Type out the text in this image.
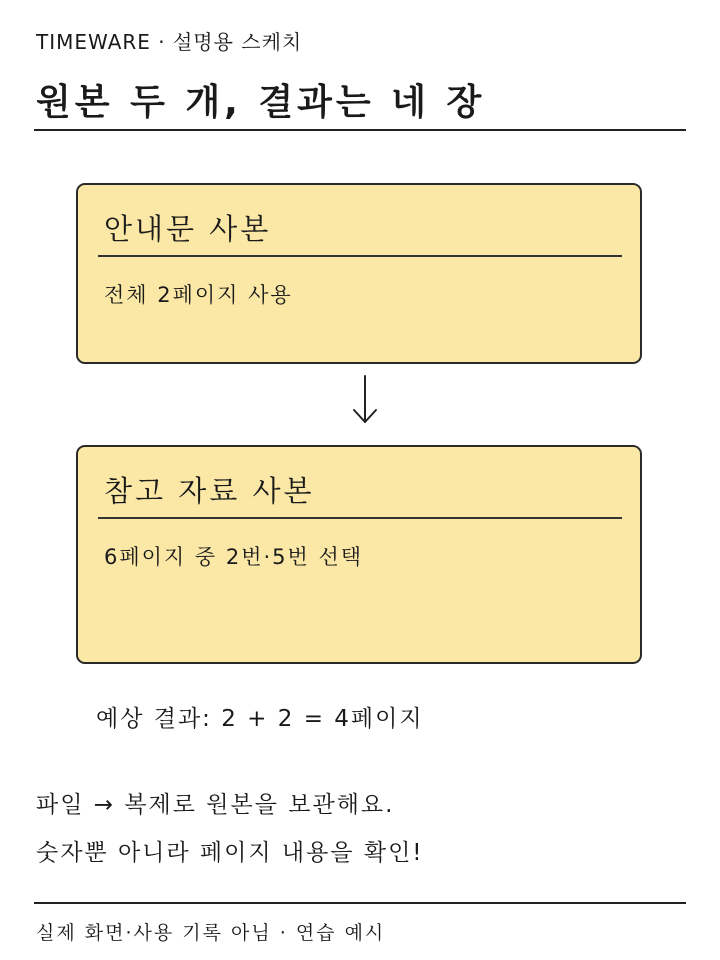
TIMEWARE · 설명용 스케치
원본 두 개, 결과는 네 장
안내문 사본
전체 2페이지 사용
참고 자료 사본
6페이지 중 2번·5번 선택
예상 결과: 2 + 2 = 4페이지
파일 → 복제로 원본을 보관해요.
숫자뿐 아니라 페이지 내용을 확인!
실제 화면·사용 기록 아님 · 연습 예시
